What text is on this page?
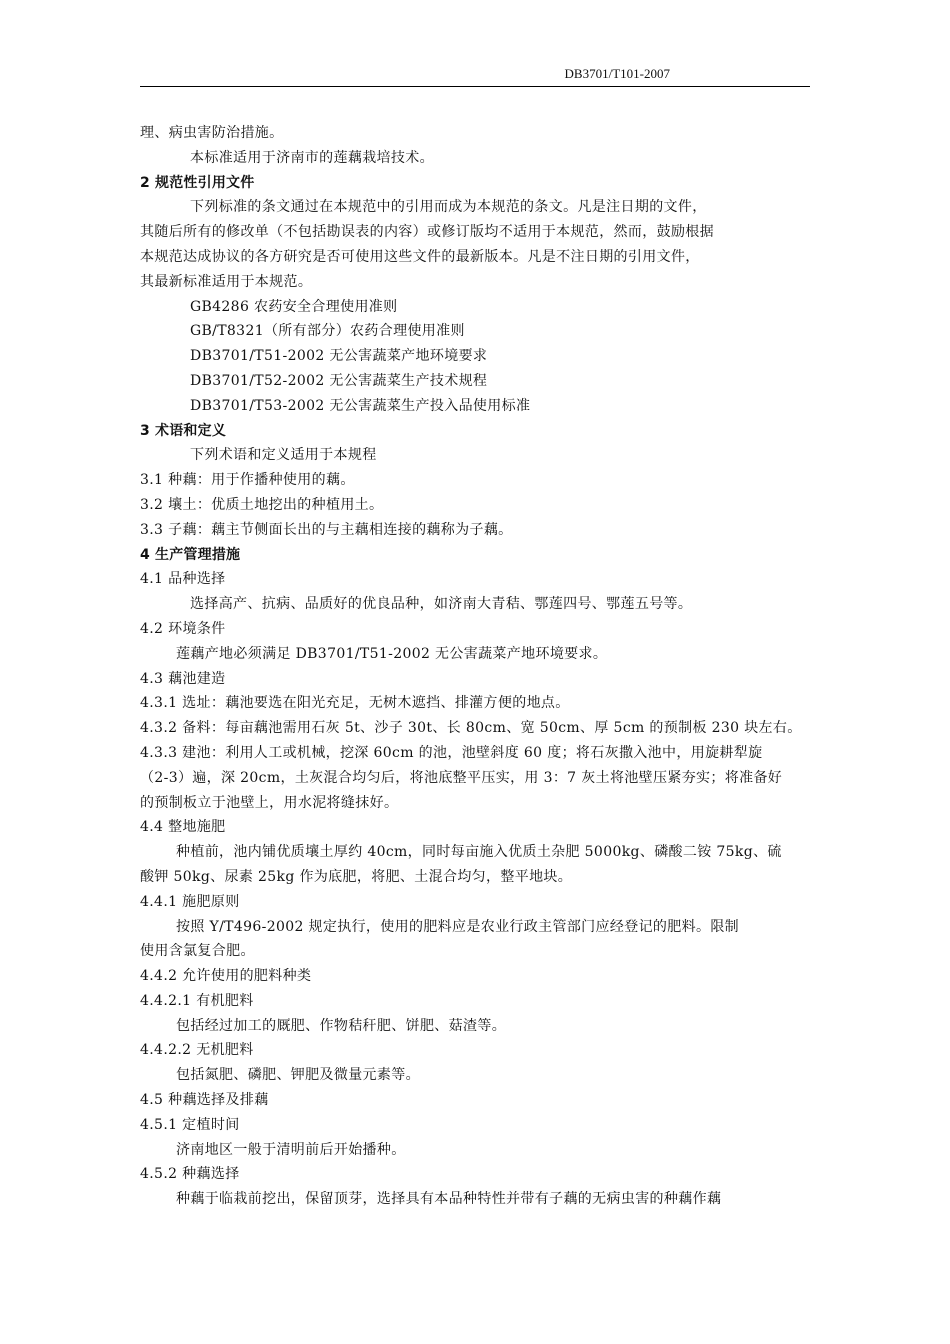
DB3701/T101-2007
理、病虫害防治措施。
本标准适用于济南市的莲藕栽培技术。
2 规范性引用文件
下列标准的条文通过在本规范中的引用而成为本规范的条文。凡是注日期的文件，
其随后所有的修改单（不包括勘误表的内容）或修订版均不适用于本规范，然而，鼓励根据
本规范达成协议的各方研究是否可使用这些文件的最新版本。凡是不注日期的引用文件，
其最新标准适用于本规范。
GB4286 农药安全合理使用准则
GB/T8321（所有部分）农药合理使用准则
DB3701/T51-2002 无公害蔬菜产地环境要求
DB3701/T52-2002 无公害蔬菜生产技术规程
DB3701/T53-2002 无公害蔬菜生产投入品使用标准
3 术语和定义
下列术语和定义适用于本规程
3.1 种藕：用于作播种使用的藕。
3.2 壤土：优质土地挖出的种植用土。
3.3 子藕：藕主节侧面长出的与主藕相连接的藕称为子藕。
4 生产管理措施
4.1 品种选择
选择高产、抗病、品质好的优良品种，如济南大青秸、鄂莲四号、鄂莲五号等。
4.2 环境条件
莲藕产地必须满足 DB3701/T51-2002 无公害蔬菜产地环境要求。
4.3 藕池建造
4.3.1 选址：藕池要选在阳光充足，无树木遮挡、排灌方便的地点。
4.3.2 备料：每亩藕池需用石灰 5t、沙子 30t、长 80cm、宽 50cm、厚 5cm 的预制板 230 块左右。
4.3.3 建池：利用人工或机械，挖深 60cm 的池，池壁斜度 60 度；将石灰撒入池中，用旋耕犁旋
（2-3）遍，深 20cm，土灰混合均匀后，将池底整平压实，用 3：7 灰土将池壁压紧夯实；将准备好
的预制板立于池壁上，用水泥将缝抹好。
4.4 整地施肥
种植前，池内铺优质壤土厚约 40cm，同时每亩施入优质土杂肥 5000kg、磷酸二铵 75kg、硫
酸钾 50kg、尿素 25kg 作为底肥，将肥、土混合均匀，整平地块。
4.4.1 施肥原则
按照 Y/T496-2002 规定执行，使用的肥料应是农业行政主管部门应经登记的肥料。限制
使用含氯复合肥。
4.4.2 允许使用的肥料种类
4.4.2.1 有机肥料
包括经过加工的厩肥、作物秸秆肥、饼肥、菇渣等。
4.4.2.2 无机肥料
包括氮肥、磷肥、钾肥及微量元素等。
4.5 种藕选择及排藕
4.5.1 定植时间
济南地区一般于清明前后开始播种。
4.5.2 种藕选择
种藕于临栽前挖出，保留顶芽，选择具有本品种特性并带有子藕的无病虫害的种藕作藕
